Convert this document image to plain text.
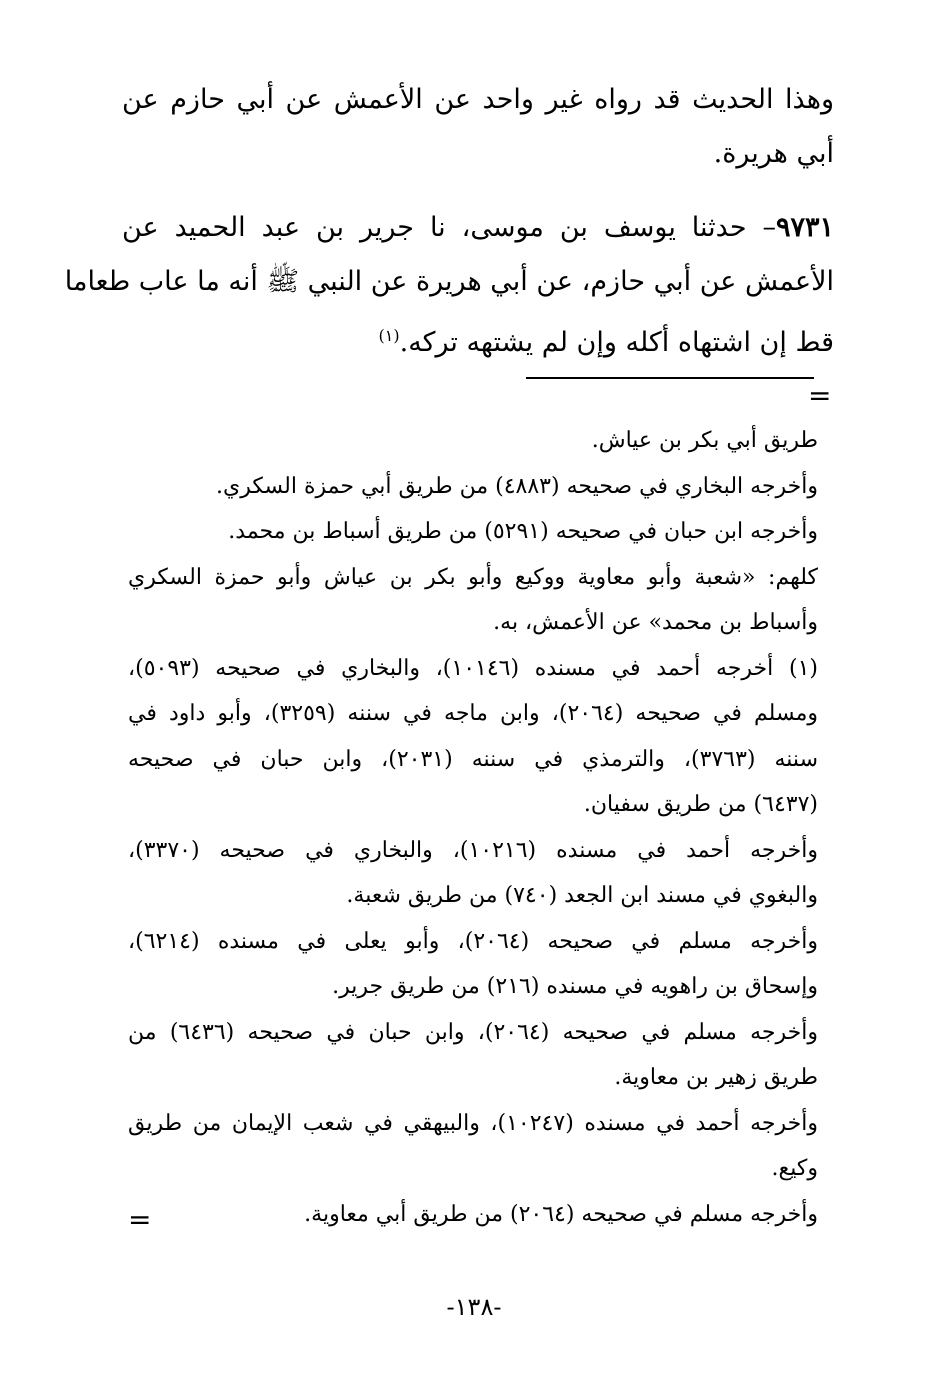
وهذا الحديث قد رواه غير واحد عن الأعمش عن أبي حازم عن
أبي هريرة.
٩٧٣١– حدثنا يوسف بن موسى، نا جرير بن عبد الحميد عن
الأعمش عن أبي حازم، عن أبي هريرة عن النبي ﷺ أنه ما عاب طعاما
قط إن اشتهاه أكله وإن لم يشتهه تركه.$^{(١)}$
=
طريق أبي بكر بن عياش.
وأخرجه البخاري في صحيحه (٤٨٨٣) من طريق أبي حمزة السكري.
وأخرجه ابن حبان في صحيحه (٥٢٩١) من طريق أسباط بن محمد.
كلهم: «شعبة وأبو معاوية ووكيع وأبو بكر بن عياش وأبو حمزة السكري
وأسباط بن محمد» عن الأعمش، به.
(١) أخرجه أحمد في مسنده (١٠١٤٦)، والبخاري في صحيحه (٥٠٩٣)،
ومسلم في صحيحه (٢٠٦٤)، وابن ماجه في سننه (٣٢٥٩)، وأبو داود في
سننه (٣٧٦٣)، والترمذي في سننه (٢٠٣١)، وابن حبان في صحيحه
(٦٤٣٧) من طريق سفيان.
وأخرجه أحمد في مسنده (١٠٢١٦)، والبخاري في صحيحه (٣٣٧٠)،
والبغوي في مسند ابن الجعد (٧٤٠) من طريق شعبة.
وأخرجه مسلم في صحيحه (٢٠٦٤)، وأبو يعلى في مسنده (٦٢١٤)،
وإسحاق بن راهويه في مسنده (٢١٦) من طريق جرير.
وأخرجه مسلم في صحيحه (٢٠٦٤)، وابن حبان في صحيحه (٦٤٣٦) من
طريق زهير بن معاوية.
وأخرجه أحمد في مسنده (١٠٢٤٧)، والبيهقي في شعب الإيمان من طريق
وكيع.
وأخرجه مسلم في صحيحه (٢٠٦٤) من طريق أبي معاوية.
=
-١٣٨-
